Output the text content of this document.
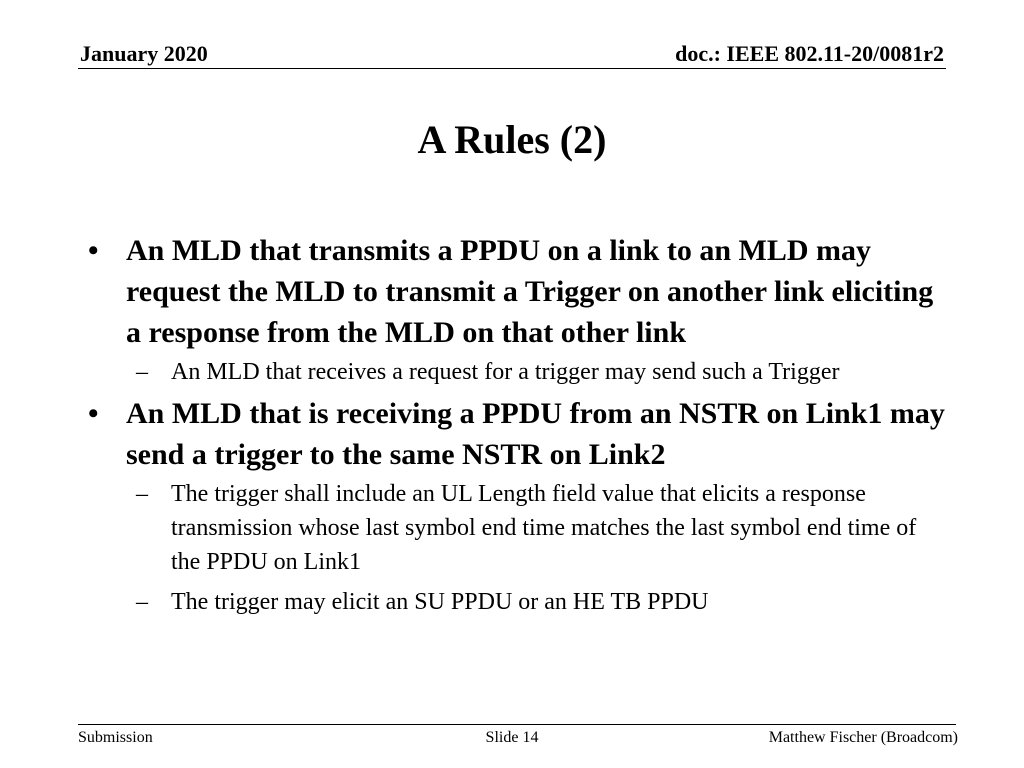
January 2020	doc.: IEEE 802.11-20/0081r2
A Rules (2)
• An MLD that transmits a PPDU on a link to an MLD may request the MLD to transmit a Trigger on another link eliciting a response from the MLD on that other link
– An MLD that receives a request for a trigger may send such a Trigger
• An MLD that is receiving a PPDU from an NSTR on Link1 may send a trigger to the same NSTR on Link2
– The trigger shall include an UL Length field value that elicits a response transmission whose last symbol end time matches the last symbol end time of the PPDU on Link1
– The trigger may elicit an SU PPDU or an HE TB PPDU
Submission	Slide 14	Matthew Fischer (Broadcom)
